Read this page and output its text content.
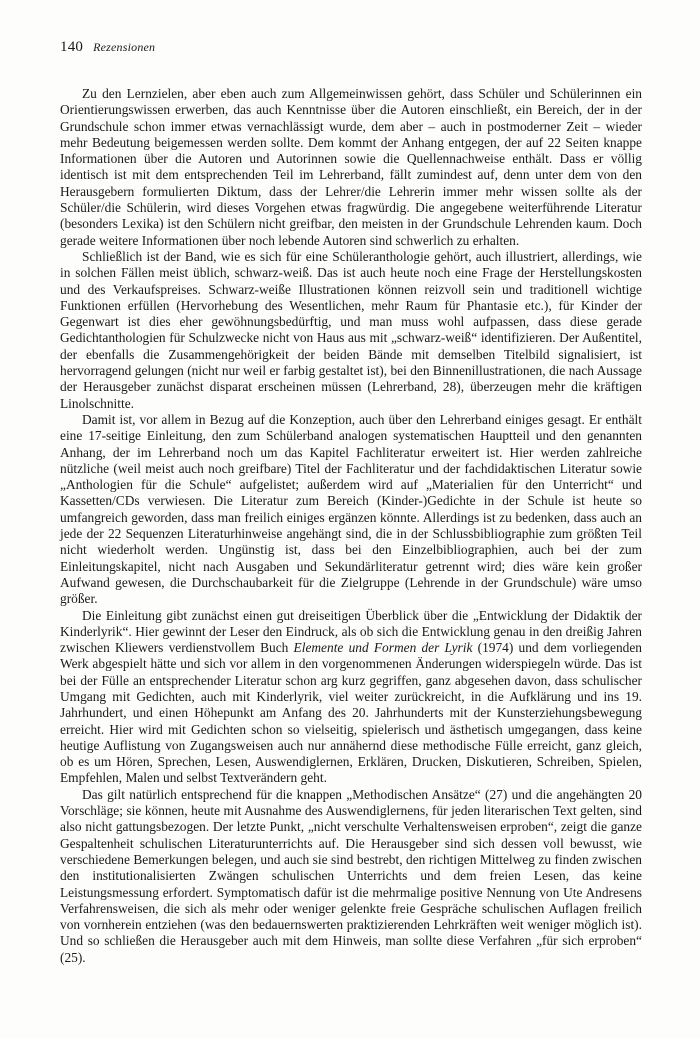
140 Rezensionen

Zu den Lernzielen, aber eben auch zum Allgemeinwissen gehört, dass Schüler und Schülerinnen ein Orientierungswissen erwerben, das auch Kenntnisse über die Autoren einschließt, ein Bereich, der in der Grundschule schon immer etwas vernachlässigt wurde, dem aber – auch in postmoderner Zeit – wieder mehr Bedeutung beigemessen werden sollte. Dem kommt der Anhang entgegen, der auf 22 Seiten knappe Informationen über die Autoren und Autorinnen sowie die Quellennachweise enthält. Dass er völlig identisch ist mit dem entsprechenden Teil im Lehrerband, fällt zumindest auf, denn unter dem von den Herausgebern formulierten Diktum, dass der Lehrer/die Lehrerin immer mehr wissen sollte als der Schüler/die Schülerin, wird dieses Vorgehen etwas fragwürdig. Die angegebene weiterführende Literatur (besonders Lexika) ist den Schülern nicht greifbar, den meisten in der Grundschule Lehrenden kaum. Doch gerade weitere Informationen über noch lebende Autoren sind schwerlich zu erhalten.

Schließlich ist der Band, wie es sich für eine Schüleranthologie gehört, auch illustriert, allerdings, wie in solchen Fällen meist üblich, schwarz-weiß. Das ist auch heute noch eine Frage der Herstellungskosten und des Verkaufspreises. Schwarz-weiße Illustrationen können reizvoll sein und traditionell wichtige Funktionen erfüllen (Hervorhebung des Wesentlichen, mehr Raum für Phantasie etc.), für Kinder der Gegenwart ist dies eher gewöhnungsbedürftig, und man muss wohl aufpassen, dass diese gerade Gedichtanthologien für Schulzwecke nicht von Haus aus mit „schwarz-weiß“ identifizieren. Der Außentitel, der ebenfalls die Zusammengehörigkeit der beiden Bände mit demselben Titelbild signalisiert, ist hervorragend gelungen (nicht nur weil er farbig gestaltet ist), bei den Binnenillustrationen, die nach Aussage der Herausgeber zunächst disparat erscheinen müssen (Lehrerband, 28), überzeugen mehr die kräftigen Linolschnitte.

Damit ist, vor allem in Bezug auf die Konzeption, auch über den Lehrerband einiges gesagt. Er enthält eine 17-seitige Einleitung, den zum Schülerband analogen systematischen Hauptteil und den genannten Anhang, der im Lehrerband noch um das Kapitel Fachliteratur erweitert ist. Hier werden zahlreiche nützliche (weil meist auch noch greifbare) Titel der Fachliteratur und der fachdidaktischen Literatur sowie „Anthologien für die Schule“ aufgelistet; außerdem wird auf „Materialien für den Unterricht“ und Kassetten/CDs verwiesen. Die Literatur zum Bereich (Kinder-)Gedichte in der Schule ist heute so umfangreich geworden, dass man freilich einiges ergänzen könnte. Allerdings ist zu bedenken, dass auch an jede der 22 Sequenzen Literaturhinweise angehängt sind, die in der Schlussbibliographie zum größten Teil nicht wiederholt werden. Ungünstig ist, dass bei den Einzelbibliographien, auch bei der zum Einleitungskapitel, nicht nach Ausgaben und Sekundärliteratur getrennt wird; dies wäre kein großer Aufwand gewesen, die Durchschaubarkeit für die Zielgruppe (Lehrende in der Grundschule) wäre umso größer.

Die Einleitung gibt zunächst einen gut dreiseitigen Überblick über die „Entwicklung der Didaktik der Kinderlyrik“. Hier gewinnt der Leser den Eindruck, als ob sich die Entwicklung genau in den dreißig Jahren zwischen Kliewers verdienstvollem Buch Elemente und Formen der Lyrik (1974) und dem vorliegenden Werk abgespielt hätte und sich vor allem in den vorgenommenen Änderungen widerspiegeln würde. Das ist bei der Fülle an entsprechender Literatur schon arg kurz gegriffen, ganz abgesehen davon, dass schulischer Umgang mit Gedichten, auch mit Kinderlyrik, viel weiter zurückreicht, in die Aufklärung und ins 19. Jahrhundert, und einen Höhepunkt am Anfang des 20. Jahrhunderts mit der Kunsterziehungsbewegung erreicht. Hier wird mit Gedichten schon so vielseitig, spielerisch und ästhetisch umgegangen, dass keine heutige Auflistung von Zugangsweisen auch nur annähernd diese methodische Fülle erreicht, ganz gleich, ob es um Hören, Sprechen, Lesen, Auswendiglernen, Erklären, Drucken, Diskutieren, Schreiben, Spielen, Empfehlen, Malen und selbst Textverändern geht.

Das gilt natürlich entsprechend für die knappen „Methodischen Ansätze“ (27) und die angehängten 20 Vorschläge; sie können, heute mit Ausnahme des Auswendiglernens, für jeden literarischen Text gelten, sind also nicht gattungsbezogen. Der letzte Punkt, „nicht verschulte Verhaltensweisen erproben“, zeigt die ganze Gespaltenheit schulischen Literaturunterrichts auf. Die Herausgeber sind sich dessen voll bewusst, wie verschiedene Bemerkungen belegen, und auch sie sind bestrebt, den richtigen Mittelweg zu finden zwischen den institutionalisierten Zwängen schulischen Unterrichts und dem freien Lesen, das keine Leistungsmessung erfordert. Symptomatisch dafür ist die mehrmalige positive Nennung von Ute Andresens Verfahrensweisen, die sich als mehr oder weniger gelenkte freie Gespräche schulischen Auflagen freilich von vornherein entziehen (was den bedauernswerten praktizierenden Lehrkräften weit weniger möglich ist). Und so schließen die Herausgeber auch mit dem Hinweis, man sollte diese Verfahren „für sich erproben“ (25).
